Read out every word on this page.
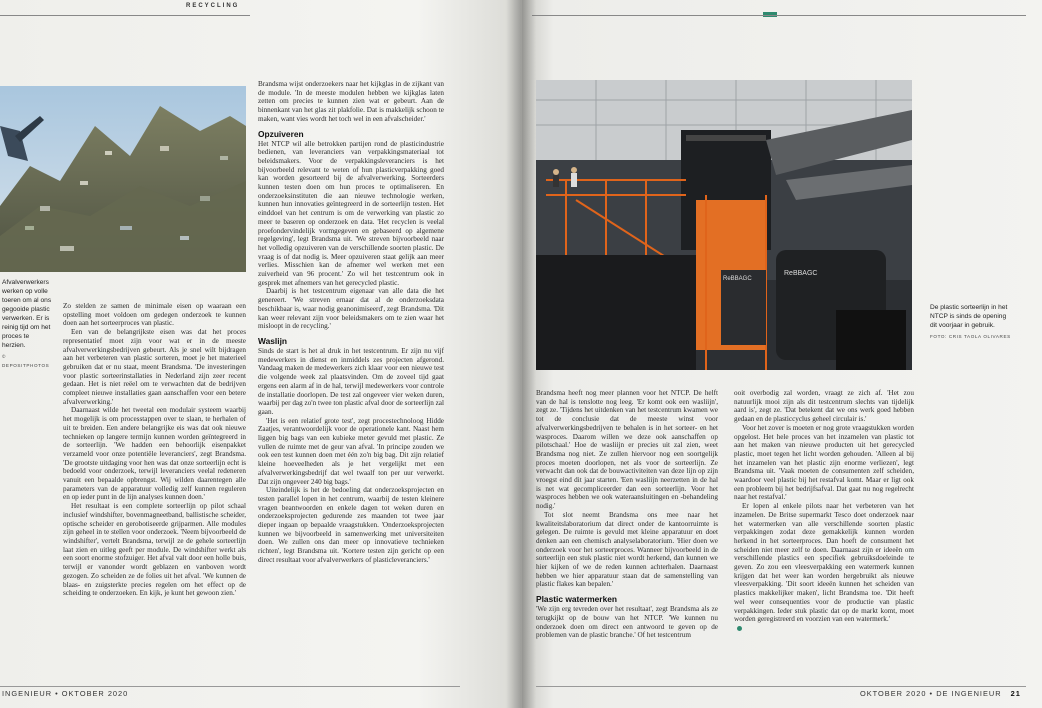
RECYCLING
Afvalverwerkers
werken op volle
toeren om al ons
gegooide plastic
verwerken. Er is
reinig tijd om het
proces te herzien.
© DEPOSITPHOTOS

Zo stelden ze samen de minimale eisen op waaraan een opstelling moet voldoen om gedegen onderzoek te kunnen doen aan het sorteerproces van plastic.

Een van de belangrijkste eisen was dat het proces representatief moet zijn voor wat er in de meeste afvalverwerkingsbedrijven gebeurt. Als je snel wilt bijdragen aan het verbeteren van plastic sorteren, moet je het materieel gebruiken dat er nu staat, meent Brandsma. 'De investeringen voor plastic sorteerinstallaties in Nederland zijn zeer recent gedaan. Het is niet reëel om te verwachten dat de bedrijven compleet nieuwe installaties gaan aanschaffen voor een betere afvalverwerking.'

Daarnaast wilde het tweetal een modulair systeem waarbij het mogelijk is om processtappen over te slaan, te herhalen of uit te breiden. Een andere belangrijke eis was dat ook nieuwe technieken op langere termijn kunnen worden geïntegreerd in de sorteerlijn. 'We hadden een behoorlijk eisenpakket verzameld voor onze potentiële leveranciers', zegt Brandsma. 'De grootste uitdaging voor hen was dat onze sorteerlijn echt is bedoeld voor onderzoek, terwijl leveranciers veelal redeneren vanuit een bepaalde opbrengst. Wij wilden daarentegen alle parameters van de apparatuur volledig zelf kunnen reguleren en op ieder punt in de lijn analyses kunnen doen.'

Het resultaat is een complete sorteerlijn op pilot schaal inclusief windshifter, bovenmagneetband, ballistische scheider, optische scheider en gerobotiseerde grijparmen. Alle modules zijn geheel in te stellen voor onderzoek. 'Neem bijvoorbeeld de windshifter', vertelt Brandsma, terwijl ze de gehele sorteerlijn laat zien en uitleg geeft per module. De windshifter werkt als een soort enorme stofzuiger. Het afval valt door een holle buis, terwijl er vanonder wordt geblazen en vanboven wordt gezogen. Zo scheiden ze de folies uit het afval. 'We kunnen de blaas- en zuigsterkte precies regelen om het effect op de scheiding te onderzoeken. En kijk, je kunt het gewoon zien.'

Brandsma wijst onderzoekers naar het kijkglas in de zijkant van de module. 'In de meeste modulen hebben we kijkglas laten zetten om precies te kunnen zien wat er gebeurt. Aan de binnenkant van het glas zit plakfolie. Dat is makkelijk schoon te maken, want vies wordt het toch wel in een afvalscheider.'

Opzuiveren

Het NTCP wil alle betrokken partijen rond de plasticindustrie bedienen, van leveranciers van verpakkingsmateriaal tot beleidsmakers. Voor de verpakkingsleveranciers is het bijvoorbeeld relevant te weten of hun plasticverpakking goed kan worden gesorteerd bij de afvalverwerking. Sorteerders kunnen testen doen om hun proces te optimaliseren. En onderzoeksinstituten die aan nieuwe technologie werken, kunnen hun innovaties geïntegreerd in de sorteerlijn testen. Het einddoel van het centrum is om de verwerking van plastic zo meer te baseren op onderzoek en data. 'Het recyclen is veelal proefondervindelijk vormgegeven en gebaseerd op algemene regelgeving', legt Brandsma uit. 'We streven bijvoorbeeld naar het volledig opzuiveren van de verschillende soorten plastic. De vraag is of dat nodig is. Meer opzuiveren staat gelijk aan meer verlies. Misschien kan de afnemer wel werken met een zuiverheid van 96 procent.' Zo wil het testcentrum ook in gesprek met afnemers van het gerecycled plastic.

Daarbij is het testcentrum eigenaar van alle data die het genereert. 'We streven ernaar dat al de onderzoeksdata beschikbaar is, waar nodig geanonimiseerd', zegt Brandsma. 'Dit kan weer relevant zijn voor beleidsmakers om te zien waar het misloopt in de recycling.'

Waslijn

Sinds de start is het al druk in het testcentrum. Er zijn nu vijf medewerkers in dienst en inmiddels zes projecten afgerond. Vandaag maken de medewerkers zich klaar voor een nieuwe test die volgende week zal plaatsvinden. Om de zoveel tijd gaat ergens een alarm af in de hal, terwijl medewerkers voor controle de installatie doorlopen. De test zal ongeveer vier weken duren, waarbij per dag zo'n twee ton plastic afval door de sorteerlijn zal gaan.

'Het is een relatief grote test', zegt procestechnoloog Hidde Zaatjes, verantwoordelijk voor de operationele kant. Naast hem liggen big bags van een kubieke meter gevuld met plastic. Ze vullen de ruimte met de geur van afval. 'In principe zouden we ook een test kunnen doen met één zo'n big bag. Dit zijn relatief kleine hoeveelheden als je het vergelijkt met een afvalverwerkingsbedrijf dat wel twaalf ton per uur verwerkt. Dat zijn ongeveer 240 big bags.'

Uiteindelijk is het de bedoeling dat onderzoeksprojecten en testen parallel lopen in het centrum, waarbij de testen kleinere vragen beantwoorden en enkele dagen tot weken duren en onderzoeksprojecten gedurende zes maanden tot twee jaar dieper ingaan op bepaalde vraagstukken. 'Onderzoeksprojecten kunnen we bijvoorbeeld in samenwerking met universiteiten doen. We zullen ons dan meer op innovatieve technieken richten', legt Brandsma uit. 'Kortere testen zijn gericht op een direct resultaat voor afvalverwerkers of plasticleveranciers.'

INGENIEUR • OKTOBER 2020
ReBBAGC
ReBBAGC
De plastic sorteerlijn in het NTCP is sinds de opening dit voorjaar in gebruik.
FOTO: CRIS TAOLA OLIVARES

Brandsma heeft nog meer plannen voor het NTCP. De helft van de hal is tenslotte nog leeg. 'Er komt ook een wasliijn', zegt ze. 'Tijdens het uitdenken van het testcentrum kwamen we tot de conclusie dat de meeste winst voor afvalverwerkingsbedrijven te behalen is in het sorteer- en het wasproces. Daarom willen we deze ook aanschaffen op pilotschaal.' Hoe de wasliijn er precies uit zal zien, weet Brandsma nog niet. Ze zullen hiervoor nog een soortgelijk proces moeten doorlopen, net als voor de sorteerlijn. Ze verwacht dan ook dat de bouwactiviteiten van deze lijn op zijn vroegst eind dit jaar starten. 'Een wasliijn neerzetten in de hal is net wat gecompliceerder dan een sorteerlijn. Voor het wasproces hebben we ook wateraansluitingen en -behandeling nodig.'

Tot slot neemt Brandsma ons mee naar het kwaliteitslaboratorium dat direct onder de kantoorruimte is gelegen. De ruimte is gevuld met kleine apparatuur en doet denken aan een chemisch analyselaboratorium. 'Hier doen we onderzoek voor het sorteerproces. Wanneer bijvoorbeeld in de sorteerlijn een stuk plastic niet wordt herkend, dan kunnen we hier kijken of we de reden kunnen achterhalen. Daarnaast hebben we hier apparatuur staan dat de samenstelling van plastic flakes kan bepalen.'

Plastic watermerken

'We zijn erg tevreden over het resultaat', zegt Brandsma als ze terugkijkt op de bouw van het NTCP. 'We kunnen nu onderzoek doen om direct een antwoord te geven op de problemen van de plastic branche.' Of het testcentrum

ooit overbodig zal worden, vraagt ze zich af. 'Het zou natuurlijk mooi zijn als dit testcentrum slechts van tijdelijk aard is', zegt ze. 'Dat betekent dat we ons werk goed hebben gedaan en de plasticcyclus geheel circulair is.'

Voor het zover is moeten er nog grote vraagstukken worden opgelost. Het hele proces van het inzamelen van plastic tot aan het maken van nieuwe producten uit het gerecycled plastic, moet tegen het licht worden gehouden. 'Alleen al bij het inzamelen van het plastic zijn enorme verliezen', legt Brandsma uit. 'Vaak moeten de consumenten zelf scheiden, waardoor veel plastic bij het restafval komt. Maar er ligt ook een probleem bij het bedrijfsafval. Dat gaat nu nog regelrecht naar het restafval.'

Er lopen al enkele pilots naar het verbeteren van het inzamelen. De Britse supermarkt Tesco doet onderzoek naar het watermerken van alle verschillende soorten plastic verpakkingen zodat deze gemakkelijk kunnen worden herkend in het sorteerproces. Dan hoeft de consument het scheiden niet meer zelf te doen. Daarnaast zijn er ideeën om verschillende plastics een specifiek gebruiksdoeleinde te geven. Zo zou een vleesverpakking een watermerk kunnen krijgen dat het weer kan worden hergebruikt als nieuwe vleesverpakking. 'Dit soort ideeën kunnen het scheiden van plastics makkelijker maken', licht Brandsma toe. 'Dit heeft wel weer consequenties voor de productie van plastic verpakkingen. Ieder stuk plastic dat op de markt komt, moet worden geregistreerd en voorzien van een watermerk.'

OKTOBER 2020 • DE INGENIEUR 21
